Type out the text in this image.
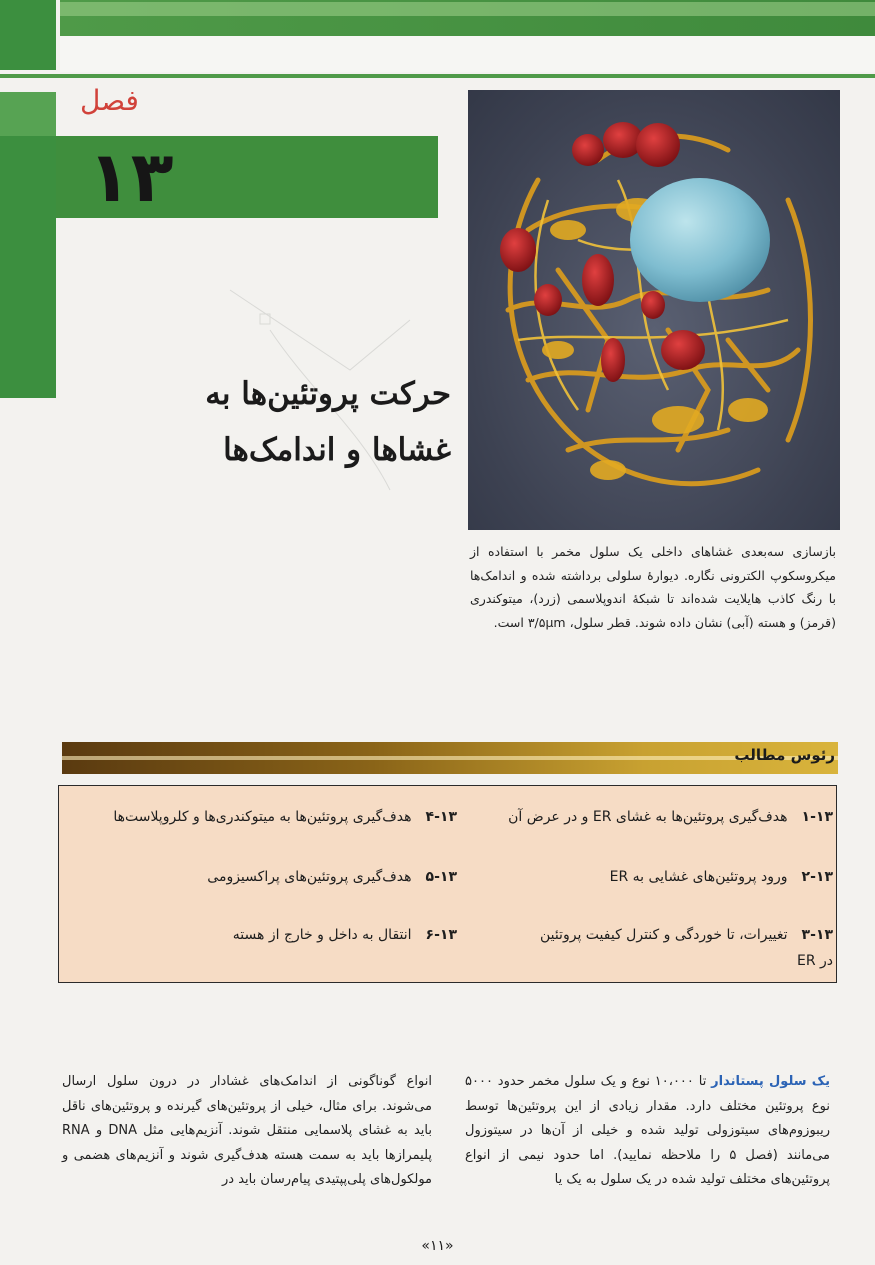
فصل
۱۳
حرکت پروتئین‌ها به
غشاها و اندامک‌ها
بازسازی سه‌بعدی غشاهای داخلی یک سلول مخمر با استفاده از میکروسکوپ الکترونی نگاره. دیوارهٔ سلولی برداشته شده و اندامک‌ها با رنگ کاذب هایلایت شده‌اند تا شبکهٔ اندوپلاسمی (زرد)، میتوکندری (قرمز) و هسته (آبی) نشان داده شوند. قطر سلول، ۳/۵μm است.
رئوس مطالب
۱-۱۳هدف‌گیری پروتئین‌ها به غشای ER و در عرض آن
۲-۱۳ورود پروتئین‌های غشایی به ER
۳-۱۳تغییرات، تا خوردگی و کنترل کیفیت پروتئین در ER
۴-۱۳هدف‌گیری پروتئین‌ها به میتوکندری‌ها و کلروپلاست‌ها
۵-۱۳هدف‌گیری پروتئین‌های پراکسیزومی
۶-۱۳انتقال به داخل و خارج از هسته
یک سلول پستاندار تا ۱۰،۰۰۰ نوع و یک سلول مخمر حدود ۵۰۰۰ نوع پروتئین مختلف دارد. مقدار زیادی از این پروتئین‌ها توسط ریبوزوم‌های سیتوزولی تولید شده و خیلی از آن‌ها در سیتوزول می‌مانند (فصل ۵ را ملاحظه نمایید). اما حدود نیمی از انواع پروتئین‌های مختلف تولید شده در یک سلول به یک یا
انواع گوناگونی از اندامک‌های غشادار در درون سلول ارسال می‌شوند. برای مثال، خیلی از پروتئین‌های گیرنده و پروتئین‌های ناقل باید به غشای پلاسمایی منتقل شوند. آنزیم‌هایی مثل DNA و RNA پلیمرازها باید به سمت هسته هدف‌گیری شوند و آنزیم‌های هضمی و مولکول‌های پلی‌پپتیدی پیام‌رسان باید در
«۱۱»
